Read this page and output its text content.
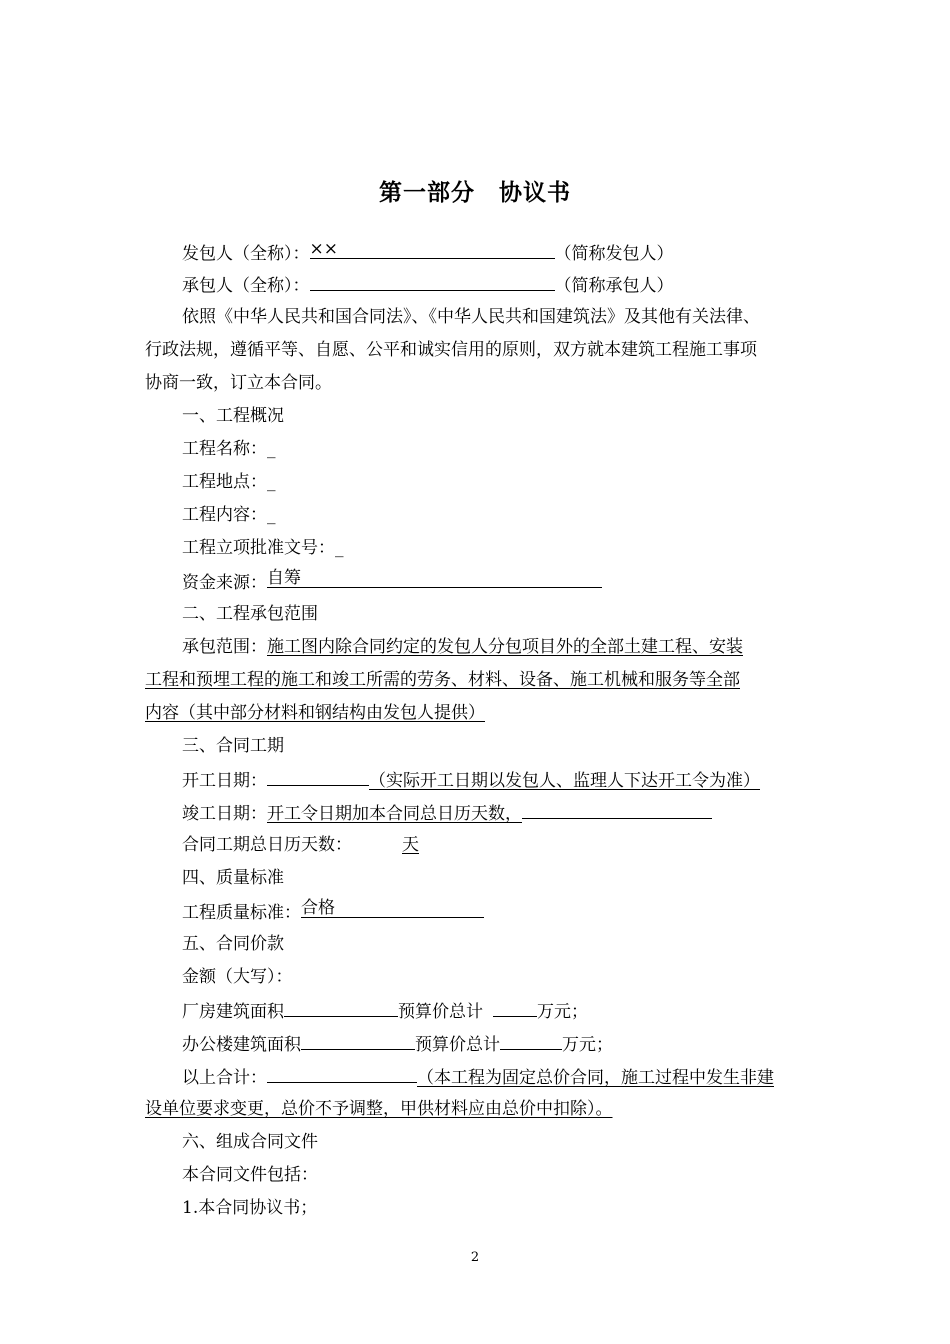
第一部分 协议书
发包人（全称）： ××	（简称发包人）
承包人（全称）：	（简称承包人）
依照《中华人民共和国合同法》、《中华人民共和国建筑法》及其他有关法律、
行政法规，遵循平等、自愿、公平和诚实信用的原则，双方就本建筑工程施工事项
协商一致，订立本合同。
一、工程概况
工程名称：_
工程地点：_
工程内容：_
工程立项批准文号：_
资金来源： 自筹
二、工程承包范围
承包范围：施工图内除合同约定的发包人分包项目外的全部土建工程、安装
工程和预埋工程的施工和竣工所需的劳务、材料、设备、施工机械和服务等全部
内容（其中部分材料和钢结构由发包人提供）
三、合同工期
开工日期：	（实际开工日期以发包人、监理人下达开工令为准）
竣工日期：开工令日期加本合同总日历天数，
合同工期总日历天数：	天
四、质量标准
工程质量标准： 合格
五、合同价款
金额（大写）：
厂房建筑面积	预算价总计	万元；
办公楼建筑面积	预算价总计	万元；
以上合计：	（本工程为固定总价合同，施工过程中发生非建
设单位要求变更，总价不予调整，甲供材料应由总价中扣除）。
六、组成合同文件
本合同文件包括：
1.本合同协议书；
2
